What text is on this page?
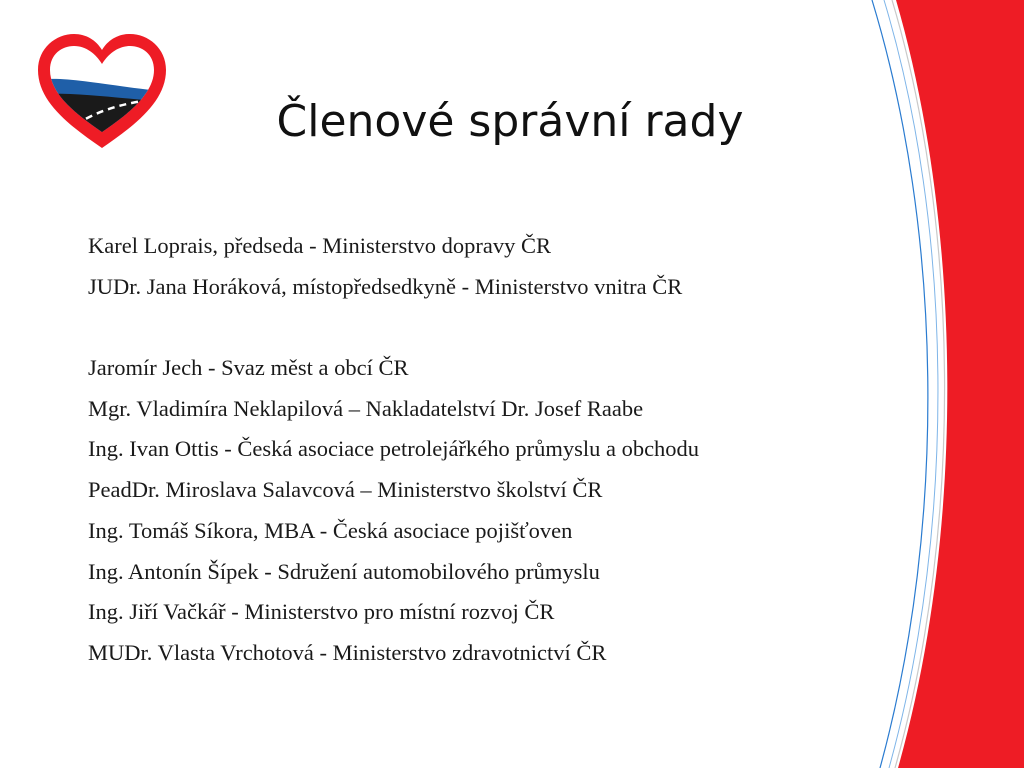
Členové správní rady
Karel Loprais, předseda - Ministerstvo dopravy ČR
JUDr. Jana Horáková, místopředsedkyně - Ministerstvo vnitra ČR
Jaromír Jech - Svaz měst a obcí ČR
Mgr. Vladimíra Neklapilová – Nakladatelství Dr. Josef Raabe
Ing. Ivan Ottis - Česká asociace petrolejářkého průmyslu a obchodu
PeadDr. Miroslava Salavcová – Ministerstvo školství ČR
Ing. Tomáš Síkora, MBA - Česká asociace pojišťoven
Ing. Antonín Šípek - Sdružení automobilového průmyslu
Ing. Jiří Vačkář - Ministerstvo pro místní rozvoj ČR
MUDr. Vlasta Vrchotová - Ministerstvo zdravotnictví ČR
